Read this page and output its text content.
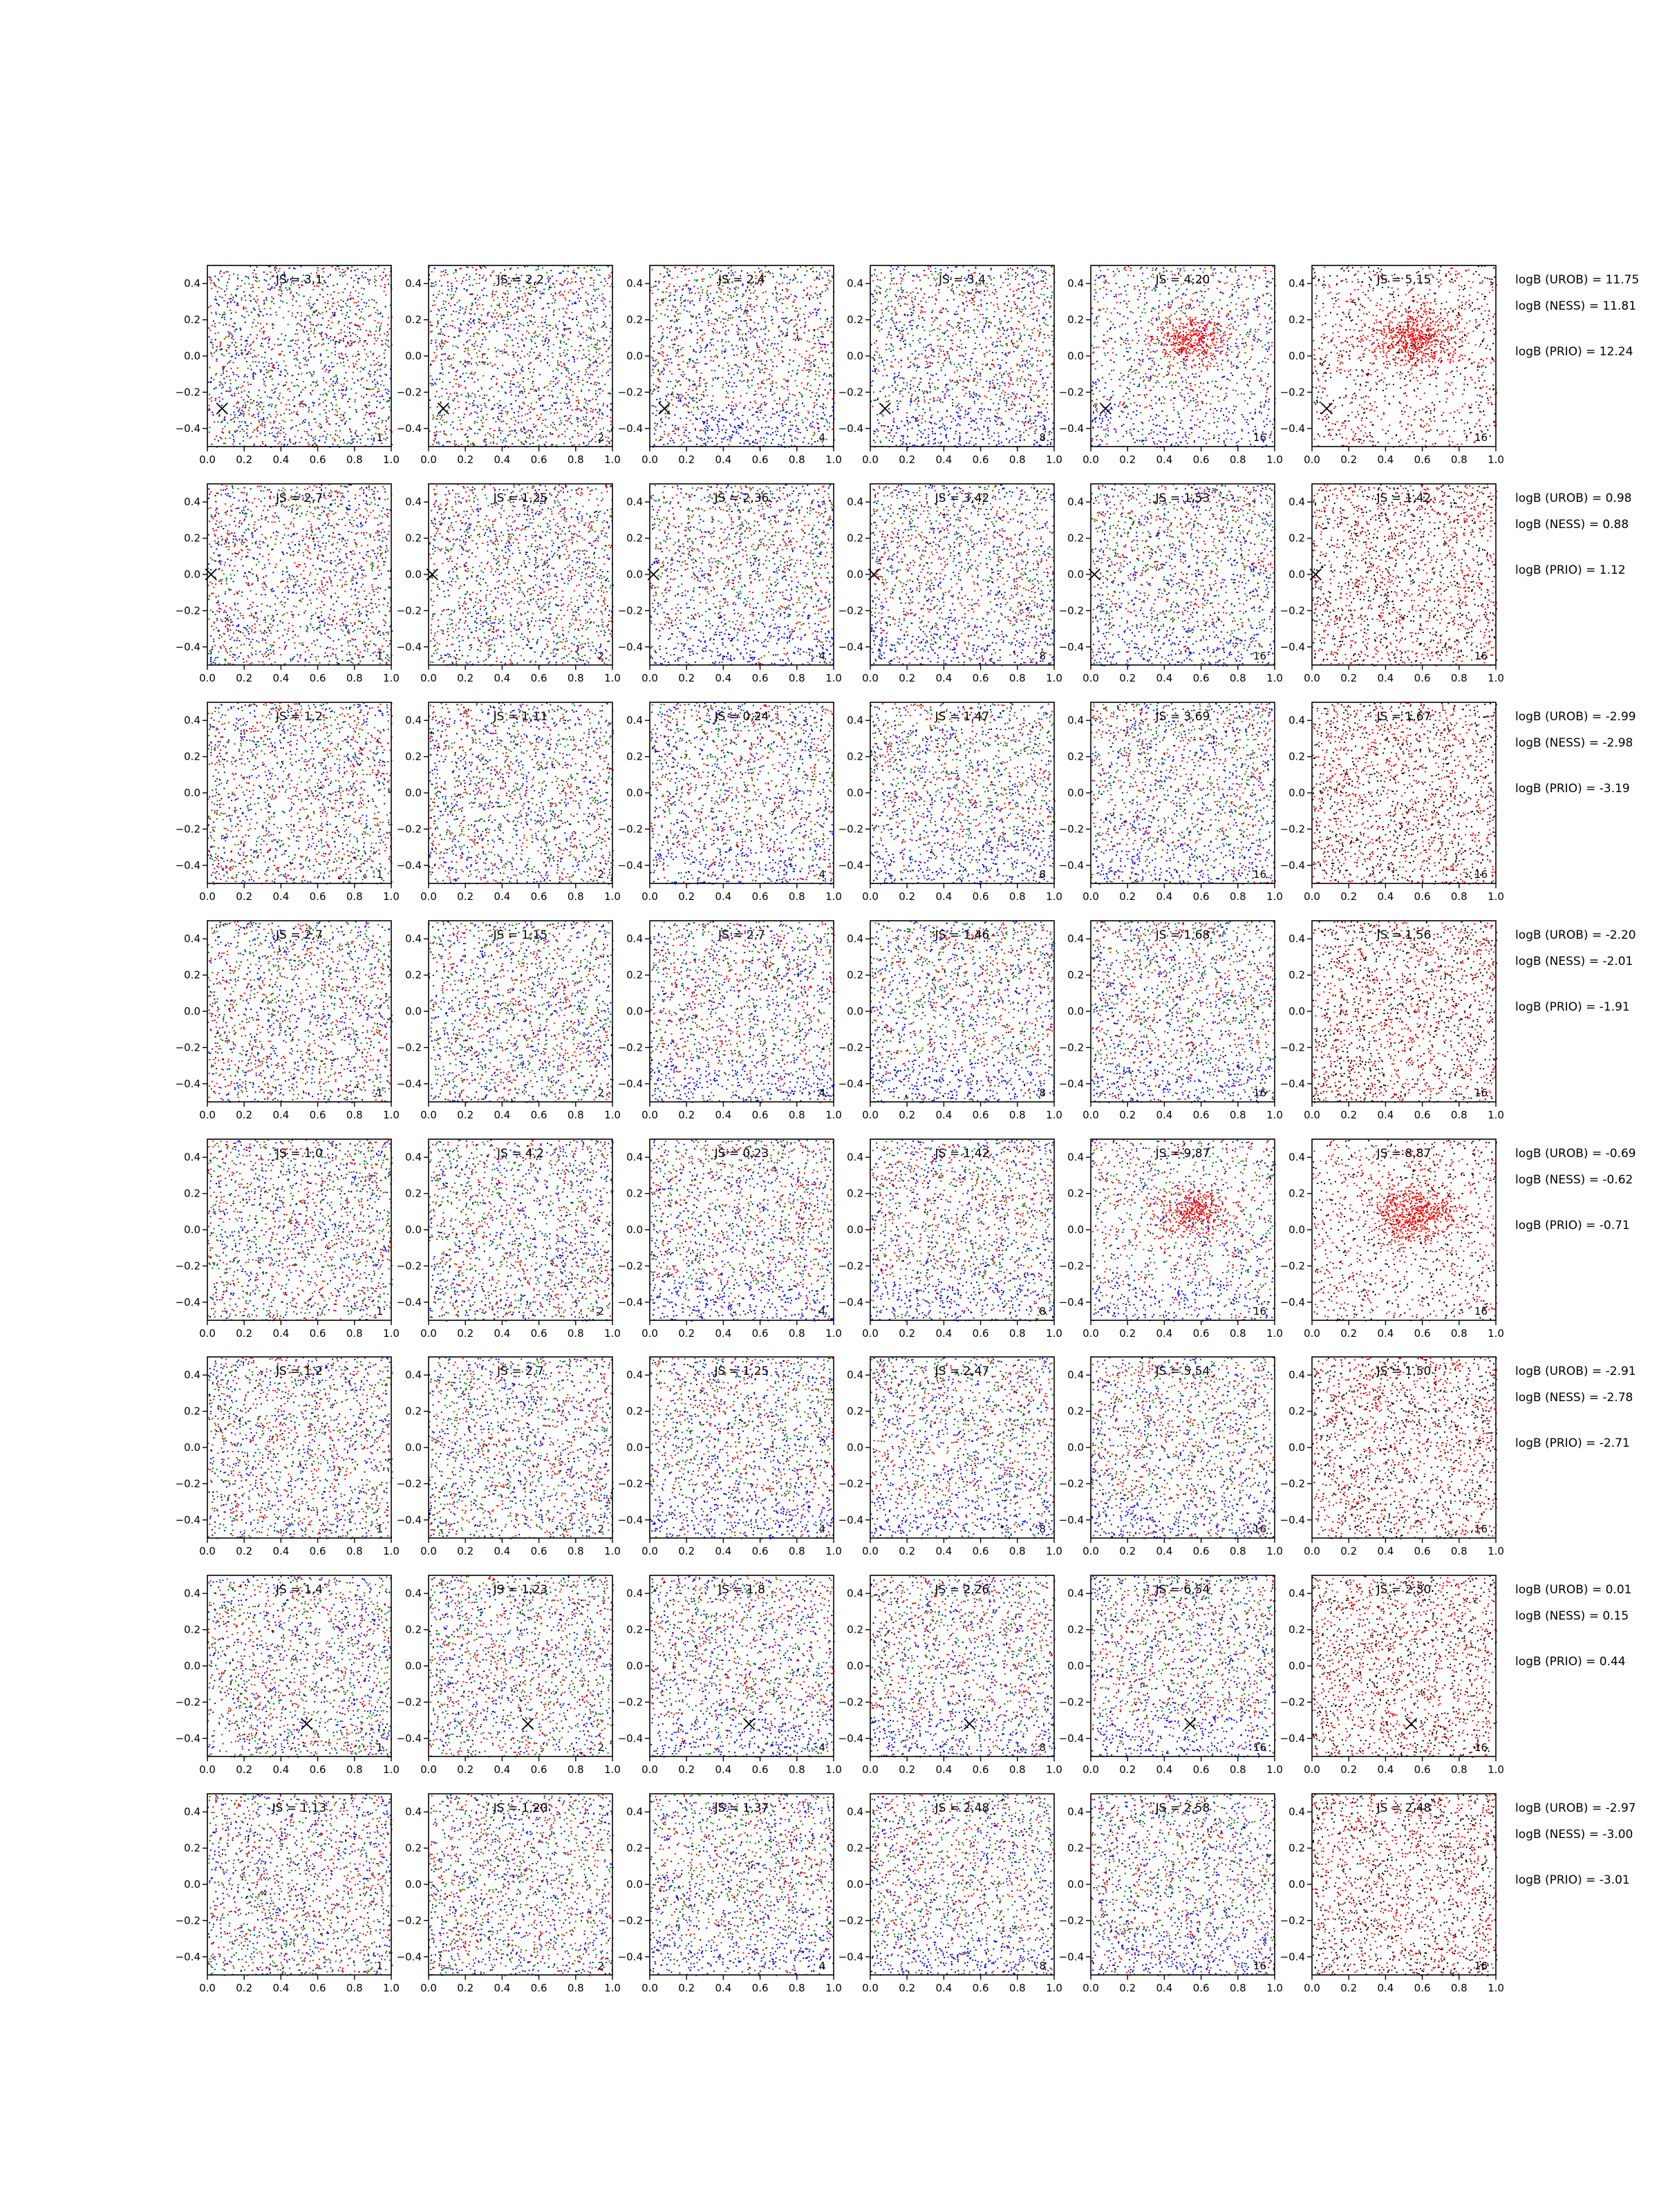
0.0 0.2 0.4 0.6 0.8 1.0
−0.4
−0.2
0.0
0.2
0.4	JS = 3,1
1
0.0 0.2 0.4 0.6 0.8 1.0
−0.4
−0.2
0.0
0.2
0.4	JS = 2,2
2
0.0 0.2 0.4 0.6 0.8 1.0
−0.4
−0.2
0.0
0.2
0.4	JS = 2,4
4
0.0 0.2 0.4 0.6 0.8 1.0
−0.4
−0.2
0.0
0.2
0.4	JS = 3,4
8
0.0 0.2 0.4 0.6 0.8 1.0
−0.4
−0.2
0.0
0.2
0.4	JS = 4,20
16
0.0 0.2 0.4 0.6 0.8 1.0
−0.4
−0.2
0.0
0.2
0.4	JS = 5,15
16
logB (UROB) = 11.75
logB (NESS) = 11.81
logB (PRIO) = 12.24
0.0 0.2 0.4 0.6 0.8 1.0
−0.4
−0.2
0.0
0.2
0.4	JS = 2,7
1
0.0 0.2 0.4 0.6 0.8 1.0
−0.4
−0.2
0.0
0.2
0.4	JS = 1,25
2
0.0 0.2 0.4 0.6 0.8 1.0
−0.4
−0.2
0.0
0.2
0.4	JS = 2,36
4
0.0 0.2 0.4 0.6 0.8 1.0
−0.4
−0.2
0.0
0.2
0.4	JS = 3,42
8
0.0 0.2 0.4 0.6 0.8 1.0
−0.4
−0.2
0.0
0.2
0.4	JS = 1,53
16
0.0 0.2 0.4 0.6 0.8 1.0
−0.4
−0.2
0.0
0.2
0.4	JS = 1,42
16
logB (UROB) = 0.98
logB (NESS) = 0.88
logB (PRIO) = 1.12
0.0 0.2 0.4 0.6 0.8 1.0
−0.4
−0.2
0.0
0.2
0.4	JS = 1,2
1
0.0 0.2 0.4 0.6 0.8 1.0
−0.4
−0.2
0.0
0.2
0.4	JS = 1,11
2
0.0 0.2 0.4 0.6 0.8 1.0
−0.4
−0.2
0.0
0.2
0.4	JS = 0,24
4
0.0 0.2 0.4 0.6 0.8 1.0
−0.4
−0.2
0.0
0.2
0.4	JS = 1,47
8
0.0 0.2 0.4 0.6 0.8 1.0
−0.4
−0.2
0.0
0.2
0.4	JS = 3,69
16
0.0 0.2 0.4 0.6 0.8 1.0
−0.4
−0.2
0.0
0.2
0.4	JS = 1,67
16
logB (UROB) = -2.99
logB (NESS) = -2.98
logB (PRIO) = -3.19
0.0 0.2 0.4 0.6 0.8 1.0
−0.4
−0.2
0.0
0.2
0.4	JS = 2,7
1
0.0 0.2 0.4 0.6 0.8 1.0
−0.4
−0.2
0.0
0.2
0.4	JS = 1,15
2
0.0 0.2 0.4 0.6 0.8 1.0
−0.4
−0.2
0.0
0.2
0.4	JS = 2,7
4
0.0 0.2 0.4 0.6 0.8 1.0
−0.4
−0.2
0.0
0.2
0.4	JS = 1,46
8
0.0 0.2 0.4 0.6 0.8 1.0
−0.4
−0.2
0.0
0.2
0.4	JS = 1,68
16
0.0 0.2 0.4 0.6 0.8 1.0
−0.4
−0.2
0.0
0.2
0.4	JS = 1,56
16
logB (UROB) = -2.20
logB (NESS) = -2.01
logB (PRIO) = -1.91
0.0 0.2 0.4 0.6 0.8 1.0
−0.4
−0.2
0.0
0.2
0.4	JS = 1,0
1
0.0 0.2 0.4 0.6 0.8 1.0
−0.4
−0.2
0.0
0.2
0.4	JS = 4,2
2
0.0 0.2 0.4 0.6 0.8 1.0
−0.4
−0.2
0.0
0.2
0.4	JS = 0,23
4
0.0 0.2 0.4 0.6 0.8 1.0
−0.4
−0.2
0.0
0.2
0.4	JS = 1,42
8
0.0 0.2 0.4 0.6 0.8 1.0
−0.4
−0.2
0.0
0.2
0.4	JS = 9,87
16
0.0 0.2 0.4 0.6 0.8 1.0
−0.4
−0.2
0.0
0.2
0.4	JS = 8,87
16
logB (UROB) = -0.69
logB (NESS) = -0.62
logB (PRIO) = -0.71
0.0 0.2 0.4 0.6 0.8 1.0
−0.4
−0.2
0.0
0.2
0.4	JS = 1,2
1
0.0 0.2 0.4 0.6 0.8 1.0
−0.4
−0.2
0.0
0.2
0.4	JS = 2,7
2
0.0 0.2 0.4 0.6 0.8 1.0
−0.4
−0.2
0.0
0.2
0.4	JS = 1,25
4
0.0 0.2 0.4 0.6 0.8 1.0
−0.4
−0.2
0.0
0.2
0.4	JS = 2,47
8
0.0 0.2 0.4 0.6 0.8 1.0
−0.4
−0.2
0.0
0.2
0.4	JS = 5,54
16
0.0 0.2 0.4 0.6 0.8 1.0
−0.4
−0.2
0.0
0.2
0.4	JS = 1,50
16
logB (UROB) = -2.91
logB (NESS) = -2.78
logB (PRIO) = -2.71
0.0 0.2 0.4 0.6 0.8 1.0
−0.4
−0.2
0.0
0.2
0.4	JS = 1,4
1
0.0 0.2 0.4 0.6 0.8 1.0
−0.4
−0.2
0.0
0.2
0.4	JS = 1,23
2
0.0 0.2 0.4 0.6 0.8 1.0
−0.4
−0.2
0.0
0.2
0.4	JS = 1,8
4
0.0 0.2 0.4 0.6 0.8 1.0
−0.4
−0.2
0.0
0.2
0.4	JS = 2,26
8
0.0 0.2 0.4 0.6 0.8 1.0
−0.4
−0.2
0.0
0.2
0.4	JS = 6,54
16
0.0 0.2 0.4 0.6 0.8 1.0
−0.4
−0.2
0.0
0.2
0.4	JS = 2,30
16
logB (UROB) = 0.01
logB (NESS) = 0.15
logB (PRIO) = 0.44
0.0 0.2 0.4 0.6 0.8 1.0
−0.4
−0.2
0.0
0.2
0.4	JS = 1,13
1
0.0 0.2 0.4 0.6 0.8 1.0
−0.4
−0.2
0.0
0.2
0.4	JS = 1,20
2
0.0 0.2 0.4 0.6 0.8 1.0
−0.4
−0.2
0.0
0.2
0.4	JS = 1,37
4
0.0 0.2 0.4 0.6 0.8 1.0
−0.4
−0.2
0.0
0.2
0.4	JS = 2,48
8
0.0 0.2 0.4 0.6 0.8 1.0
−0.4
−0.2
0.0
0.2
0.4	JS = 2,58
16
0.0 0.2 0.4 0.6 0.8 1.0
−0.4
−0.2
0.0
0.2
0.4	JS = 2,48
16
logB (UROB) = -2.97
logB (NESS) = -3.00
logB (PRIO) = -3.01
